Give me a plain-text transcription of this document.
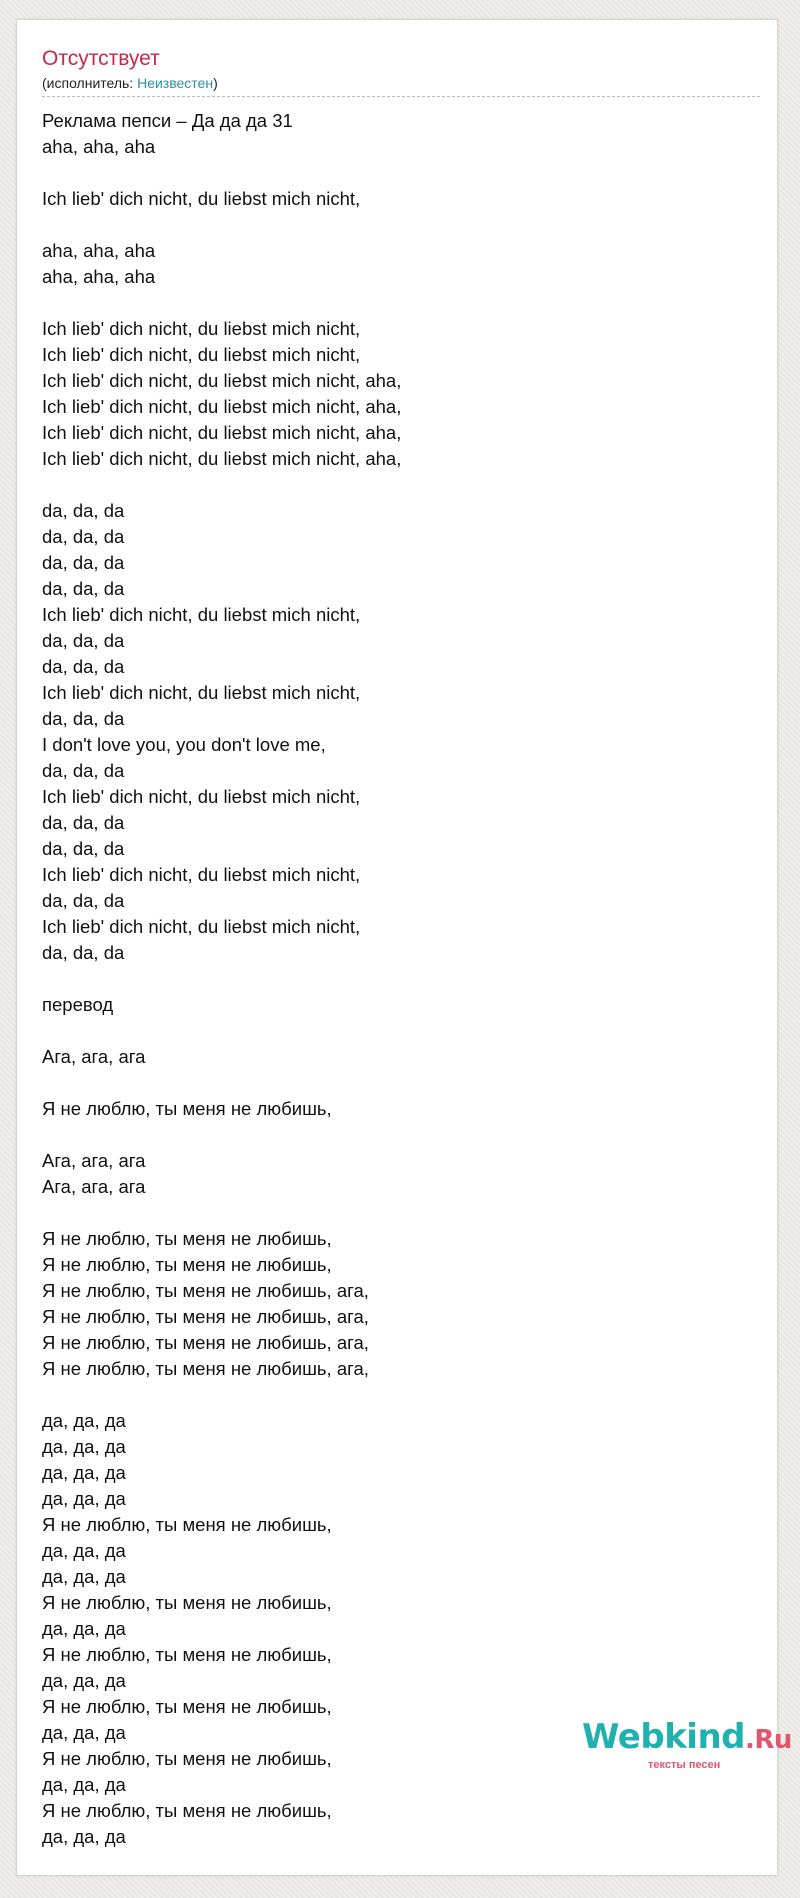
Отсутствует
(исполнитель: Неизвестен)
Реклама пепси – Да да да 31
aha, aha, aha
Ich lieb' dich nicht, du liebst mich nicht,
aha, aha, aha
aha, aha, aha
Ich lieb' dich nicht, du liebst mich nicht,
Ich lieb' dich nicht, du liebst mich nicht,
Ich lieb' dich nicht, du liebst mich nicht, aha,
Ich lieb' dich nicht, du liebst mich nicht, aha,
Ich lieb' dich nicht, du liebst mich nicht, aha,
Ich lieb' dich nicht, du liebst mich nicht, aha,
da, da, da
da, da, da
da, da, da
da, da, da
Ich lieb' dich nicht, du liebst mich nicht,
da, da, da
da, da, da
Ich lieb' dich nicht, du liebst mich nicht,
da, da, da
I don't love you, you don't love me,
da, da, da
Ich lieb' dich nicht, du liebst mich nicht,
da, da, da
da, da, da
Ich lieb' dich nicht, du liebst mich nicht,
da, da, da
Ich lieb' dich nicht, du liebst mich nicht,
da, da, da
перевод
Ага, ага, ага
Я не люблю, ты меня не любишь,
Ага, ага, ага
Ага, ага, ага
Я не люблю, ты меня не любишь,
Я не люблю, ты меня не любишь,
Я не люблю, ты меня не любишь, ага,
Я не люблю, ты меня не любишь, ага,
Я не люблю, ты меня не любишь, ага,
Я не люблю, ты меня не любишь, ага,
да, да, да
да, да, да
да, да, да
да, да, да
Я не люблю, ты меня не любишь,
да, да, да
да, да, да
Я не люблю, ты меня не любишь,
да, да, да
Я не люблю, ты меня не любишь,
да, да, да
Я не люблю, ты меня не любишь,
да, да, да
Я не люблю, ты меня не любишь,
да, да, да
Я не люблю, ты меня не любишь,
да, да, да
Webkind.Ru
тексты песен
